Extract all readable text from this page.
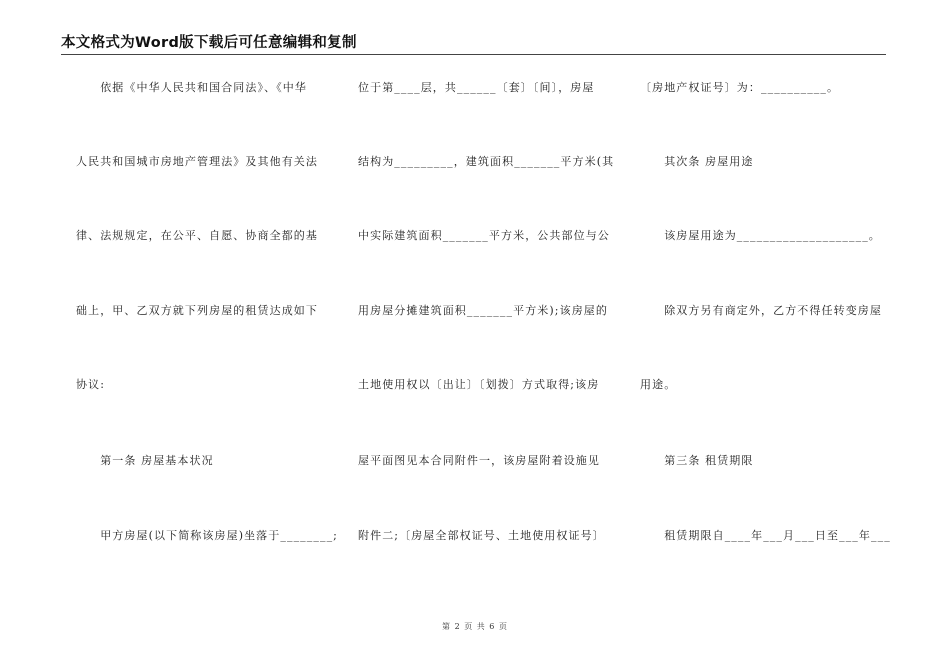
本文格式为Word版下载后可任意编辑和复制
　　依据《中华人民共和国合同法》、《中华
人民共和国城市房地产管理法》及其他有关法
律、法规规定，在公平、自愿、协商全都的基
础上，甲、乙双方就下列房屋的租赁达成如下
协议:
　　第一条 房屋基本状况
　　甲方房屋(以下简称该房屋)坐落于________;
位于第____层，共______〔套〕〔间〕，房屋
结构为_________，建筑面积_______平方米(其
中实际建筑面积_______平方米，公共部位与公
用房屋分摊建筑面积_______平方米);该房屋的
土地使用权以〔出让〕〔划拨〕方式取得;该房
屋平面图见本合同附件一，该房屋附着设施见
附件二;〔房屋全部权证号、土地使用权证号〕
〔房地产权证号〕为：__________。
　　其次条 房屋用途
　　该房屋用途为____________________。
　　除双方另有商定外，乙方不得任转变房屋
用途。
　　第三条 租赁期限
　　租赁期限自____年___月___日至___年___
第 2 页 共 6 页
